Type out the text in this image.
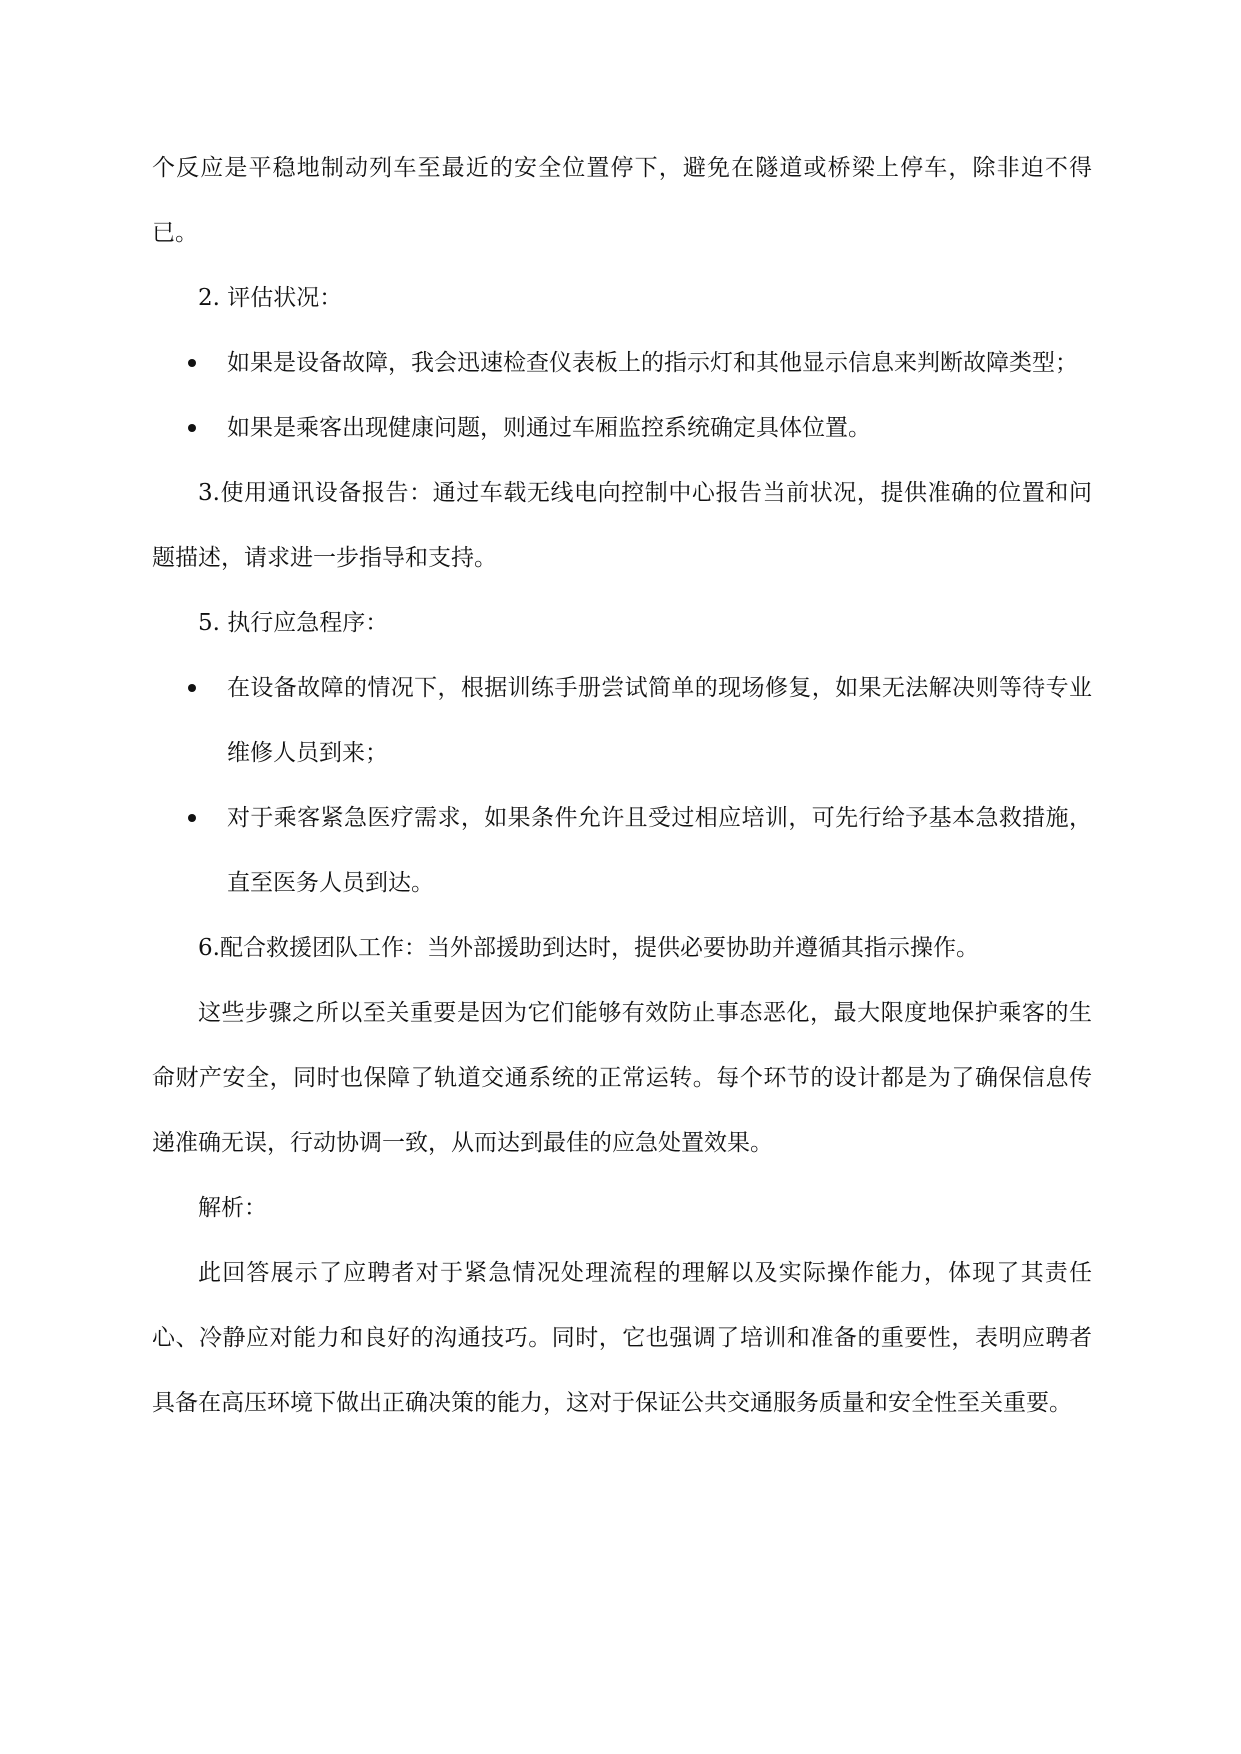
个反应是平稳地制动列车至最近的安全位置停下，避免在隧道或桥梁上停车，除非迫不得已。

2. 评估状况：

如果是设备故障，我会迅速检查仪表板上的指示灯和其他显示信息来判断故障类型；
如果是乘客出现健康问题，则通过车厢监控系统确定具体位置。

3.使用通讯设备报告：通过车载无线电向控制中心报告当前状况，提供准确的位置和问题描述，请求进一步指导和支持。

5. 执行应急程序：

在设备故障的情况下，根据训练手册尝试简单的现场修复，如果无法解决则等待专业维修人员到来；
对于乘客紧急医疗需求，如果条件允许且受过相应培训，可先行给予基本急救措施，直至医务人员到达。

6.配合救援团队工作：当外部援助到达时，提供必要协助并遵循其指示操作。

这些步骤之所以至关重要是因为它们能够有效防止事态恶化，最大限度地保护乘客的生命财产安全，同时也保障了轨道交通系统的正常运转。每个环节的设计都是为了确保信息传递准确无误，行动协调一致，从而达到最佳的应急处置效果。

解析：

此回答展示了应聘者对于紧急情况处理流程的理解以及实际操作能力，体现了其责任心、冷静应对能力和良好的沟通技巧。同时，它也强调了培训和准备的重要性，表明应聘者具备在高压环境下做出正确决策的能力，这对于保证公共交通服务质量和安全性至关重要。
